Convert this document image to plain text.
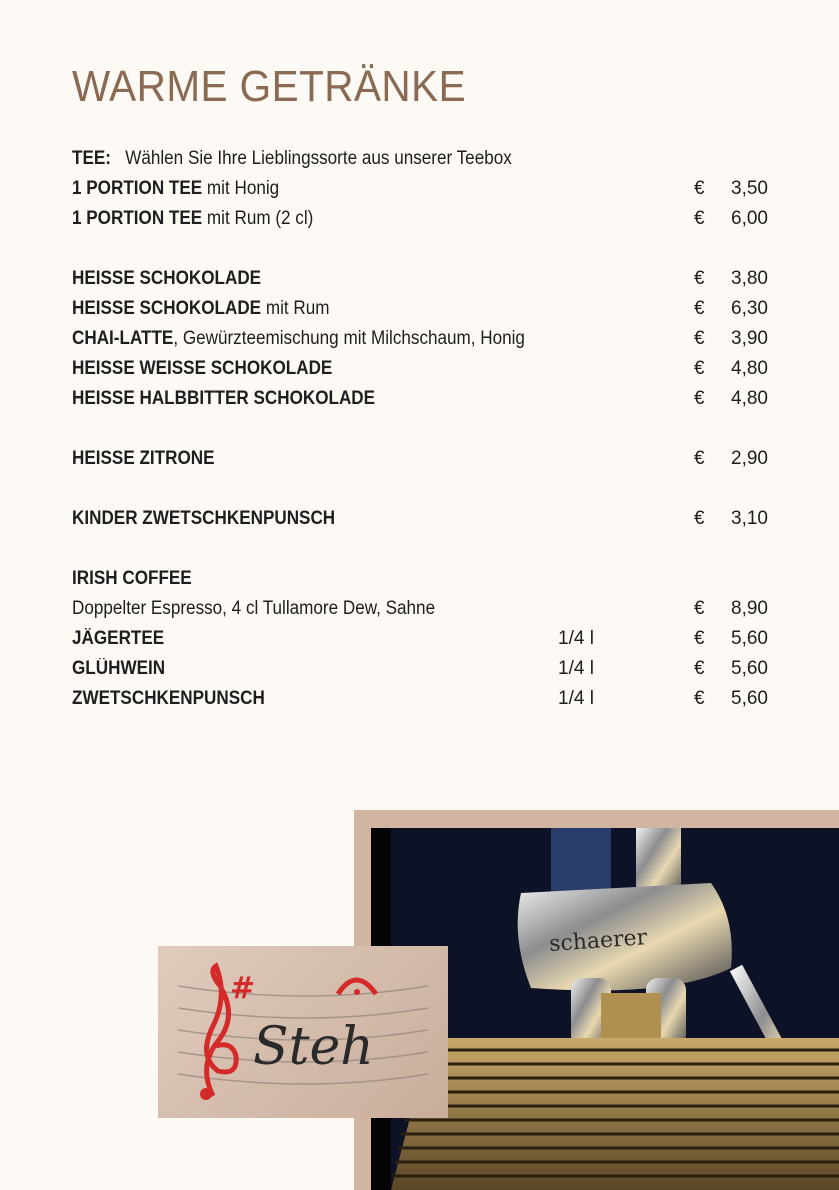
WARME GETRÄNKE
TEE: Wählen Sie Ihre Lieblingssorte aus unserer Teebox
1 PORTION TEE mit Honig	€ 3,50
1 PORTION TEE mit Rum (2 cl)	€ 6,00
HEISSE SCHOKOLADE	€ 3,80
HEISSE SCHOKOLADE mit Rum	€ 6,30
CHAI-LATTE, Gewürzteemischung mit Milchschaum, Honig	€ 3,90
HEISSE WEISSE SCHOKOLADE	€ 4,80
HEISSE HALBBITTER SCHOKOLADE	€ 4,80
HEISSE ZITRONE	€ 2,90
KINDER ZWETSCHKENPUNSCH	€ 3,10
IRISH COFFEE
Doppelter Espresso, 4 cl Tullamore Dew, Sahne	€ 8,90
JÄGERTEE	1/4 l	€ 5,60
GLÜHWEIN	1/4 l	€ 5,60
ZWETSCHKENPUNSCH	1/4 l	€ 5,60
schaerer
#
Steh
